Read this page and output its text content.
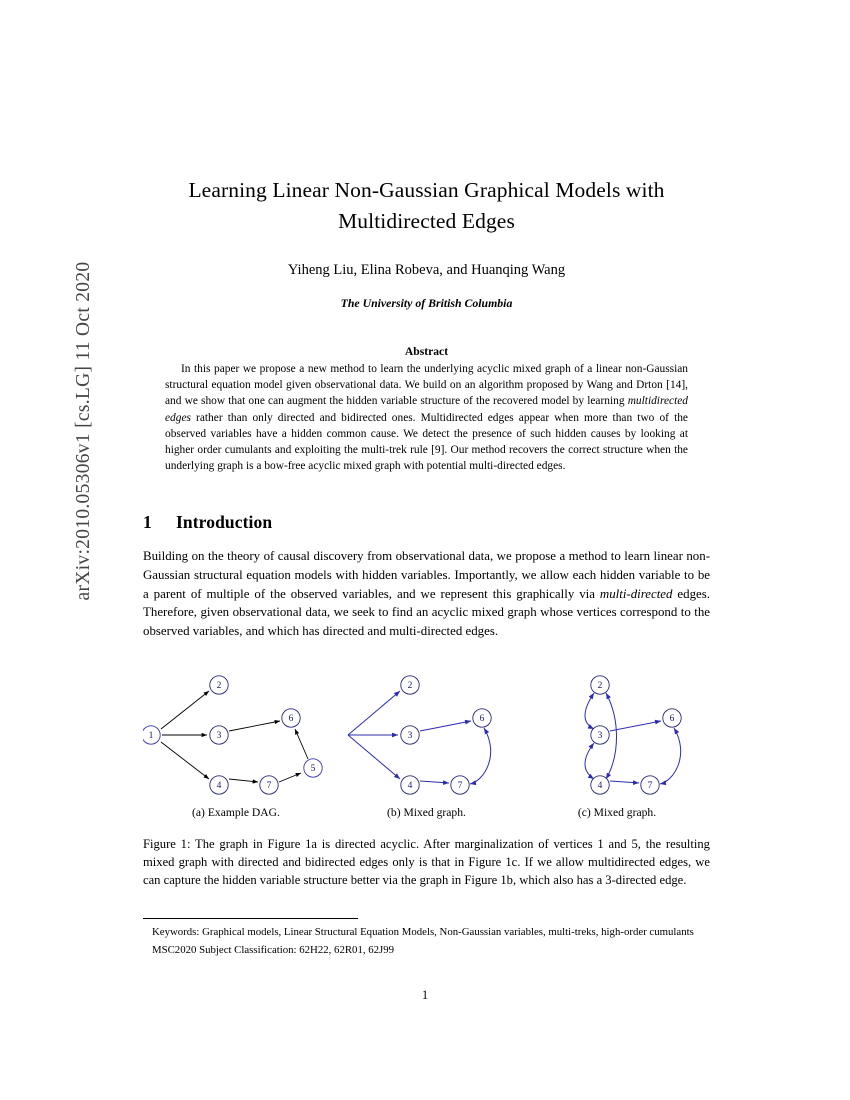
arXiv:2010.05306v1 [cs.LG] 11 Oct 2020
Learning Linear Non-Gaussian Graphical Models with Multidirected Edges
Yiheng Liu, Elina Robeva, and Huanqing Wang
The University of British Columbia
Abstract
In this paper we propose a new method to learn the underlying acyclic mixed graph of a linear non-Gaussian structural equation model given observational data. We build on an algorithm proposed by Wang and Drton [14], and we show that one can augment the hidden variable structure of the recovered model by learning multidirected edges rather than only directed and bidirected ones. Multidirected edges appear when more than two of the observed variables have a hidden common cause. We detect the presence of such hidden causes by looking at higher order cumulants and exploiting the multi-trek rule [9]. Our method recovers the correct structure when the underlying graph is a bow-free acyclic mixed graph with potential multi-directed edges.
1 Introduction

Building on the theory of causal discovery from observational data, we propose a method to learn linear non-Gaussian structural equation models with hidden variables. Importantly, we allow each hidden variable to be a parent of multiple of the observed variables, and we represent this graphically via multi-directed edges. Therefore, given observational data, we seek to find an acyclic mixed graph whose vertices correspond to the observed variables, and which has directed and multi-directed edges.

1
2
3
4
6
7
5
2
3
4
6
7
2
3
4
6
7
(a) Example DAG.	(b) Mixed graph.	(c) Mixed graph.
Figure 1: The graph in Figure 1a is directed acyclic. After marginalization of vertices 1 and 5, the resulting mixed graph with directed and bidirected edges only is that in Figure 1c. If we allow multidirected edges, we can capture the hidden variable structure better via the graph in Figure 1b, which also has a 3-directed edge.
Keywords: Graphical models, Linear Structural Equation Models, Non-Gaussian variables, multi-treks, high-order cumulants
MSC2020 Subject Classification: 62H22, 62R01, 62J99
1
